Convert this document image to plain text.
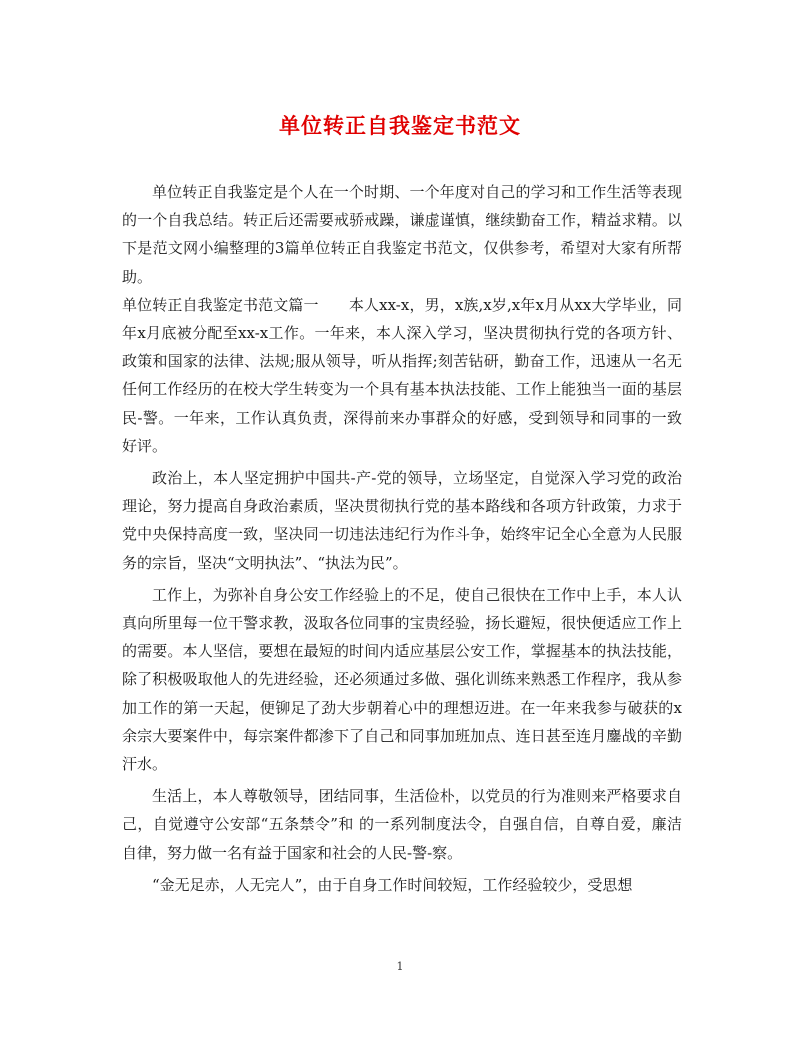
单位转正自我鉴定书范文

单位转正自我鉴定是个人在一个时期、一个年度对自己的学习和工作生活等表现的一个自我总结。转正后还需要戒骄戒躁，谦虚谨慎，继续勤奋工作，精益求精。以下是范文网小编整理的3篇单位转正自我鉴定书范文，仅供参考，希望对大家有所帮助。

单位转正自我鉴定书范文篇一　　本人xx-x，男，x族,x岁,x年x月从xx大学毕业，同年x月底被分配至xx-x工作。一年来，本人深入学习，坚决贯彻执行党的各项方针、政策和国家的法律、法规;服从领导，听从指挥;刻苦钻研，勤奋工作，迅速从一名无任何工作经历的在校大学生转变为一个具有基本执法技能、工作上能独当一面的基层民-警。一年来，工作认真负责，深得前来办事群众的好感，受到领导和同事的一致好评。

政治上，本人坚定拥护中国共-产-党的领导，立场坚定，自觉深入学习党的政治理论，努力提高自身政治素质，坚决贯彻执行党的基本路线和各项方针政策，力求于党中央保持高度一致，坚决同一切违法违纪行为作斗争，始终牢记全心全意为人民服务的宗旨，坚决“文明执法”、“执法为民”。

工作上，为弥补自身公安工作经验上的不足，使自己很快在工作中上手，本人认真向所里每一位干警求教，汲取各位同事的宝贵经验，扬长避短，很快便适应工作上的需要。本人坚信，要想在最短的时间内适应基层公安工作，掌握基本的执法技能，除了积极吸取他人的先进经验，还必须通过多做、强化训练来熟悉工作程序，我从参加工作的第一天起，便铆足了劲大步朝着心中的理想迈进。在一年来我参与破获的x余宗大要案件中，每宗案件都渗下了自己和同事加班加点、连日甚至连月鏖战的辛勤汗水。

生活上，本人尊敬领导，团结同事，生活俭朴，以党员的行为准则来严格要求自己，自觉遵守公安部“五条禁令”和 的一系列制度法令，自强自信，自尊自爱，廉洁自律，努力做一名有益于国家和社会的人民-警-察。

“金无足赤，人无完人”，由于自身工作时间较短，工作经验较少，受思想

1
